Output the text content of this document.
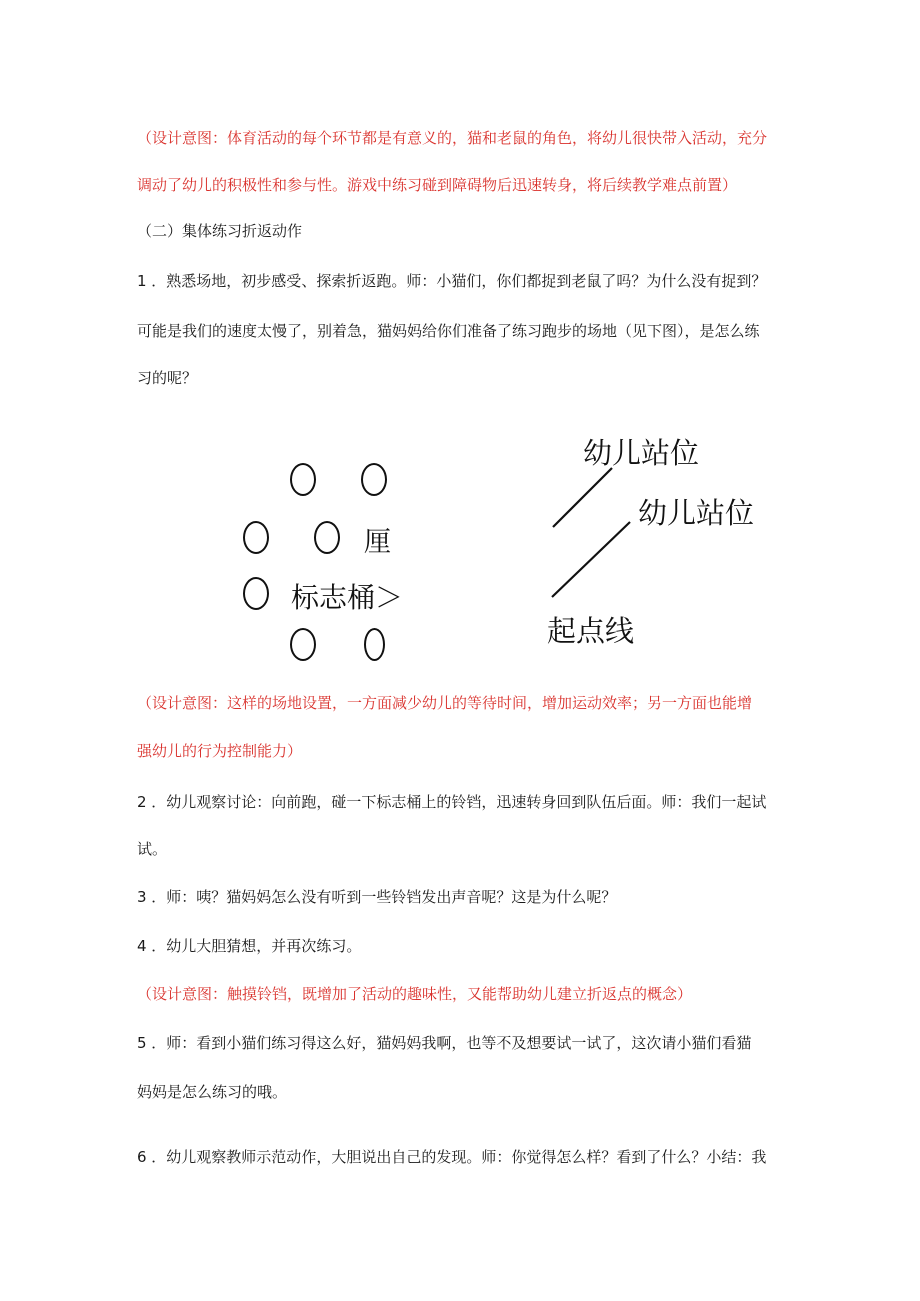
（设计意图：体育活动的每个环节都是有意义的，猫和老鼠的角色，将幼儿很快带入活动，充分
调动了幼儿的积极性和参与性。游戏中练习碰到障碍物后迅速转身，将后续教学难点前置）
（二）集体练习折返动作
1 ．熟悉场地，初步感受、探索折返跑。师：小猫们，你们都捉到老鼠了吗？为什么没有捉到？
可能是我们的速度太慢了，别着急，猫妈妈给你们准备了练习跑步的场地（见下图），是怎么练
习的呢？
厘
标志桶＞
幼儿站位
幼儿站位
起点线
（设计意图：这样的场地设置，一方面减少幼儿的等待时间，增加运动效率；另一方面也能增
强幼儿的行为控制能力）
2 ．幼儿观察讨论：向前跑，碰一下标志桶上的铃铛，迅速转身回到队伍后面。师：我们一起试
试。
3 ．师：咦？猫妈妈怎么没有听到一些铃铛发出声音呢？这是为什么呢？
4 ．幼儿大胆猜想，并再次练习。
（设计意图：触摸铃铛，既增加了活动的趣味性，又能帮助幼儿建立折返点的概念）
5 ．师：看到小猫们练习得这么好，猫妈妈我啊，也等不及想要试一试了，这次请小猫们看猫
妈妈是怎么练习的哦。
6 ．幼儿观察教师示范动作，大胆说出自己的发现。师：你觉得怎么样？看到了什么？小结：我
